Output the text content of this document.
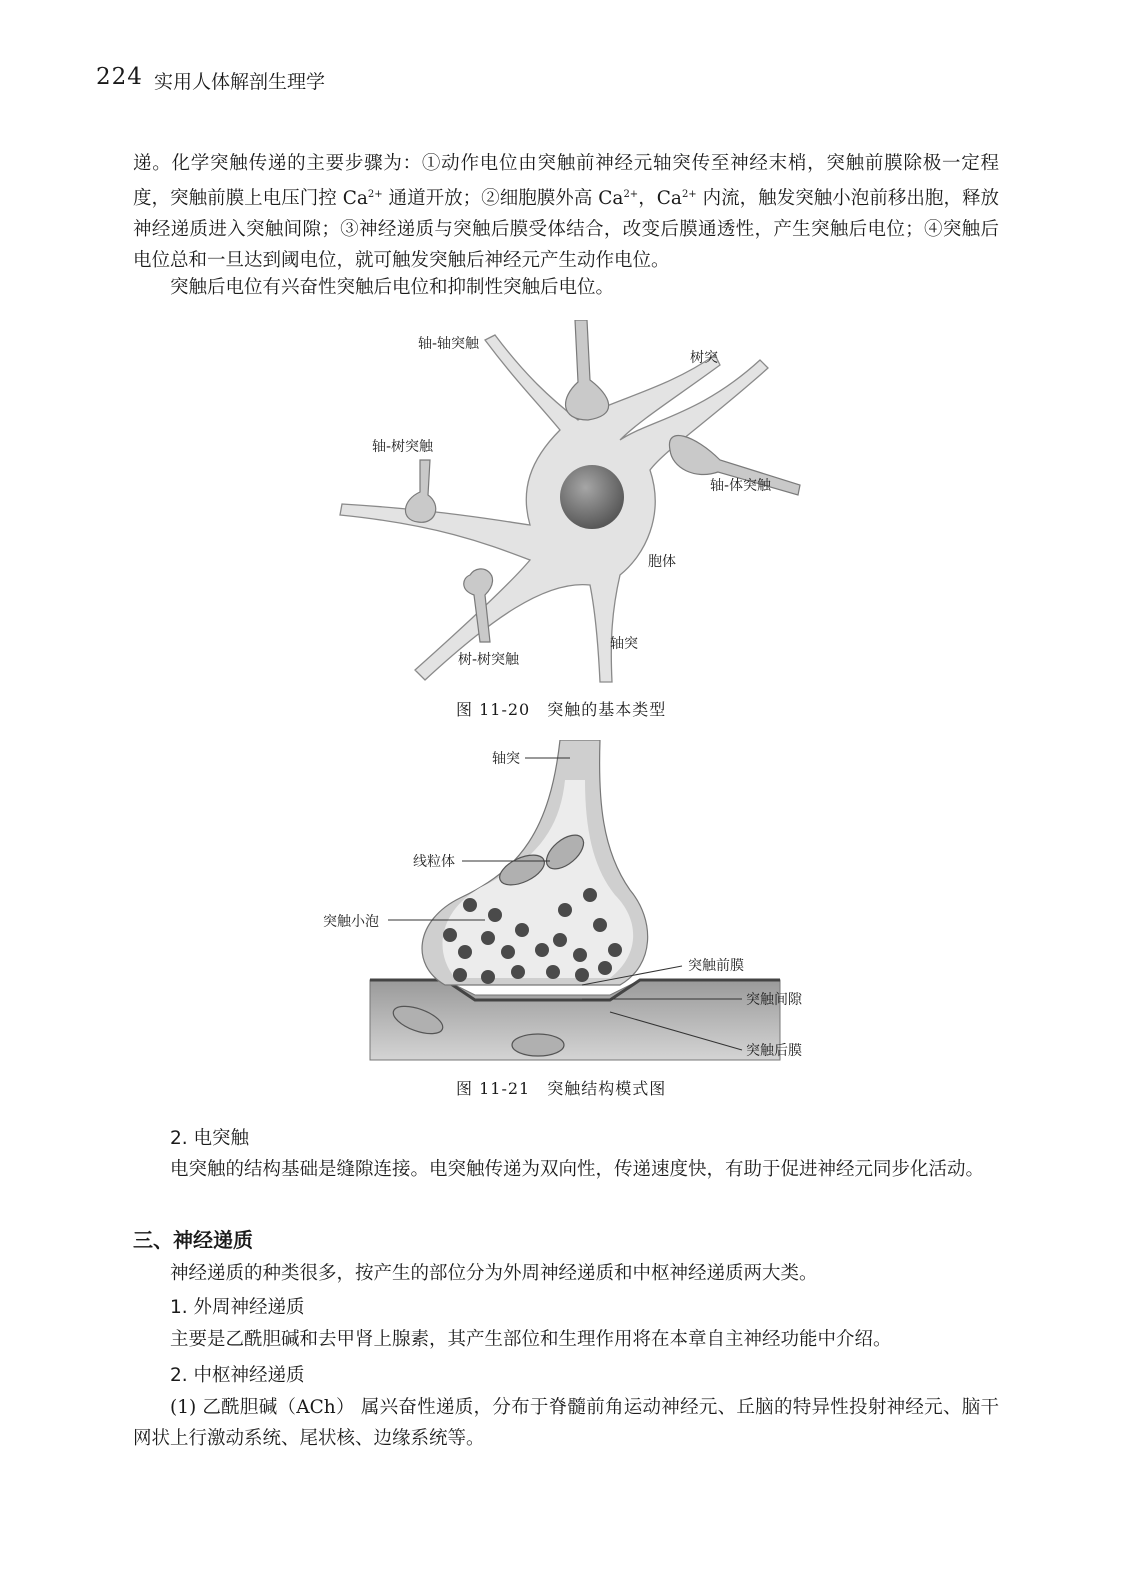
224 实用人体解剖生理学

递。化学突触传递的主要步骤为：①动作电位由突触前神经元轴突传至神经末梢，突触前膜除极一定程度，突触前膜上电压门控 $Ca^{2+}$ 通道开放；②细胞膜外高 $Ca^{2+}$，$Ca^{2+}$ 内流，触发突触小泡前移出胞，释放神经递质进入突触间隙；③神经递质与突触后膜受体结合，改变后膜通透性，产生突触后电位；④突触后电位总和一旦达到阈电位，就可触发突触后神经元产生动作电位。

突触后电位有兴奋性突触后电位和抑制性突触后电位。

轴-轴突触
树突
轴-树突触
轴-体突触
胞体
轴突
树-树突触
图 11-20　突触的基本类型
轴突
线粒体
突触小泡
突触前膜
突触间隙
突触后膜
图 11-21　突触结构模式图
2. 电突触

电突触的结构基础是缝隙连接。电突触传递为双向性，传递速度快，有助于促进神经元同步化活动。

三、神经递质

神经递质的种类很多，按产生的部位分为外周神经递质和中枢神经递质两大类。

1. 外周神经递质

主要是乙酰胆碱和去甲肾上腺素，其产生部位和生理作用将在本章自主神经功能中介绍。

2. 中枢神经递质

(1) 乙酰胆碱（ACh） 属兴奋性递质，分布于脊髓前角运动神经元、丘脑的特异性投射神经元、脑干网状上行激动系统、尾状核、边缘系统等。
